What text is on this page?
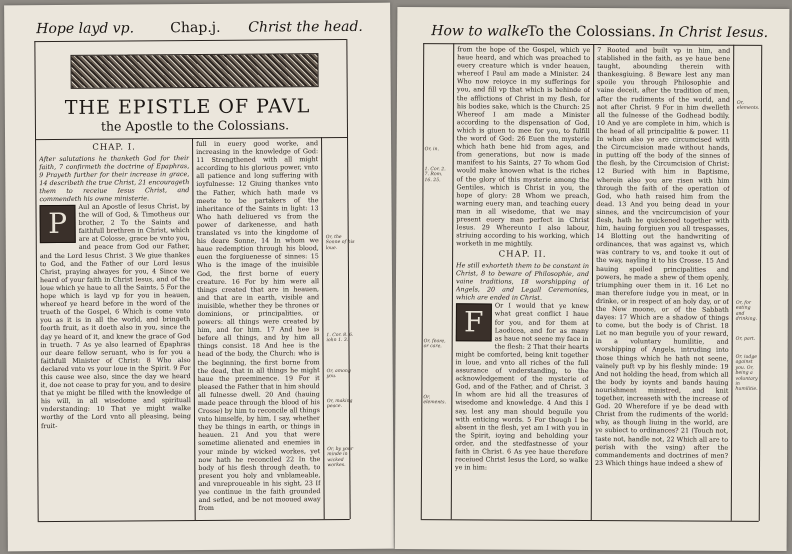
Hope layd vp.	Chap.j. Christ the head.
THE EPISTLE OF PAVL
the Apostle to the Colossians.
CHAP. I.

After salutations he thanketh God for their faith, 7 confirmeth the doctrine of Epaphras, 9 Prayeth further for their increase in grace, 14 describeth the true Christ, 21 encourageth them to receiue Iesus Christ, and commendeth his owne ministerie.

P

Aul an Apostle of Iesus Christ, by the will of God, & Timotheus our brother, 2 To the Saints and faithfull brethren in Christ, which are at Colosse, grace be vnto you, and peace from God our Father, and the Lord Iesus Christ. 3 We giue thankes to God, and the Father of our Lord Iesus Christ, praying alwayes for you, 4 Since we heard of your faith in Christ Iesus, and of the loue which ye haue to all the Saints, 5 For the hope which is layd vp for you in heauen, whereof ye heard before in the word of the trueth of the Gospel, 6 Which is come vnto you as it is in all the world, and bringeth foorth fruit, as it doeth also in you, since the day ye heard of it, and knew the grace of God in trueth. 7 As ye also learned of Epaphras our deare fellow seruant, who is for you a faithfull Minister of Christ: 8 Who also declared vnto vs your loue in the Spirit. 9 For this cause wee also, since the day we heard it, doe not cease to pray for you, and to desire that ye might be filled with the knowledge of his will, in all wisedome and spirituall vnderstanding: 10 That ye might walke worthy of the Lord vnto all pleasing, being fruit-

full in euery good worke, and increasing in the knowledge of God: 11 Strengthened with all might according to his glorious power, vnto all patience and long suffering with ioyfulnesse: 12 Giuing thankes vnto the Father, which hath made vs meete to be partakers of the inheritance of the Saints in light: 13 Who hath deliuered vs from the power of darkenesse, and hath translated vs into the kingdome of his deare Sonne, 14 In whom we haue redemption through his blood, euen the forgiuenesse of sinnes: 15 Who is the image of the inuisible God, the first borne of euery creature. 16 For by him were all things created that are in heauen, and that are in earth, visible and inuisible, whether they be thrones or dominions, or principalities, or powers: all things were created by him, and for him. 17 And hee is before all things, and by him all things consist. 18 And hee is the head of the body, the Church: who is the beginning, the first borne from the dead, that in all things he might haue the preeminence. 19 For it pleased the Father that in him should all fulnesse dwell. 20 And (hauing made peace through the blood of his Crosse) by him to reconcile all things vnto himselfe, by him, I say, whether they be things in earth, or things in heauen. 21 And you that were sometime alienated and enemies in your minde by wicked workes, yet now hath he reconciled 22 In the body of his flesh through death, to present you holy and vnblameable, and vnreproueable in his sight, 23 If yee continue in the faith grounded and setled, and be not mooued away from

Or, the Sonne of his loue.
1. Cor. 8. 6. iohn 1. 3.
Or, among you.
Or, making peace.
Or, by your minde in wicked workes.
How to walke
To the Colossians. In Christ Iesus.

from the hope of the Gospel, which ye haue heard, and which was preached to euery creature which is vnder heauen, whereof I Paul am made a Minister. 24 Who now reioyce in my sufferings for you, and fill vp that which is behinde of the afflictions of Christ in my flesh, for his bodies sake, which is the Church: 25 Whereof I am made a Minister according to the dispensation of God, which is giuen to mee for you, to fulfill the word of God: 26 Euen the mysterie which hath bene hid from ages, and from generations, but now is made manifest to his Saints, 27 To whom God would make knowen what is the riches of the glory of this mysterie among the Gentiles, which is Christ in you, the hope of glory: 28 Whom we preach, warning euery man, and teaching euery man in all wisedome, that we may present euery man perfect in Christ Iesus. 29 Whereunto I also labour, striuing according to his working, which worketh in me mightily.

CHAP. II.

He still exhorteth them to be constant in Christ, 8 to beware of Philosophie, and vaine traditions, 18 worshipping of Angels, 20 and Legall Ceremonies, which are ended in Christ.

F	Or I would that ye knew what great conflict I haue for you, and for them at Laodicea, and for as many as haue not seene my face in the flesh: 2 That their hearts might be comforted, being knit together in loue, and vnto all riches of the full assurance of vnderstanding, to the acknowledgement of the mysterie of God, and of the Father, and of Christ. 3 In whom are hid all the treasures of wisedome and knowledge. 4 And this I say, lest any man should beguile you with enticing words. 5 For though I be absent in the flesh, yet am I with you in the Spirit, ioying and beholding your order, and the stedfastnesse of your faith in Christ. 6 As yee haue therefore receiued Christ Iesus the Lord, so walke ye in him:

7 Rooted and built vp in him, and stablished in the faith, as ye haue bene taught, abounding therein with thankesgiuing. 8 Beware lest any man spoile you through Philosophie and vaine deceit, after the tradition of men, after the rudiments of the world, and not after Christ. 9 For in him dwelleth all the fulnesse of the Godhead bodily. 10 And ye are complete in him, which is the head of all principalitie & power. 11 In whom also ye are circumcised with the Circumcision made without hands, in putting off the body of the sinnes of the flesh, by the Circumcision of Christ: 12 Buried with him in Baptisme, wherein also you are risen with him through the faith of the operation of God, who hath raised him from the dead. 13 And you being dead in your sinnes, and the vncircumcision of your flesh, hath he quickened together with him, hauing forgiuen you all trespasses, 14 Blotting out the handwriting of ordinances, that was against vs, which was contrary to vs, and tooke it out of the way, nayling it to his Crosse. 15 And hauing spoiled principalities and powers, he made a shew of them openly, triumphing ouer them in it. 16 Let no man therefore iudge you in meat, or in drinke, or in respect of an holy day, or of the New moone, or of the Sabbath dayes: 17 Which are a shadow of things to come, but the body is of Christ. 18 Let no man beguile you of your reward, in a voluntary humilitie, and worshipping of Angels, intruding into those things which he hath not seene, vainely puft vp by his fleshly minde: 19 And not holding the head, from which all the body by ioynts and bands hauing nourishment ministred, and knit together, increaseth with the increase of God. 20 Wherefore if ye be dead with Christ from the rudiments of the world: why, as though liuing in the world, are ye subiect to ordinances? 21 (Touch not, taste not, handle not, 22 Which all are to perish with the vsing) after the commandements and doctrines of men? 23 Which things haue indeed a shew of

Or, in.
1. Cor. 2. 7. Rom. 16. 25.
Or, feare, or care.
Or, elements.
Or, elements.
Or, for eating and drinking.
Or, part.
Or, iudge against you. Or, being a voluntary in humilitie.
